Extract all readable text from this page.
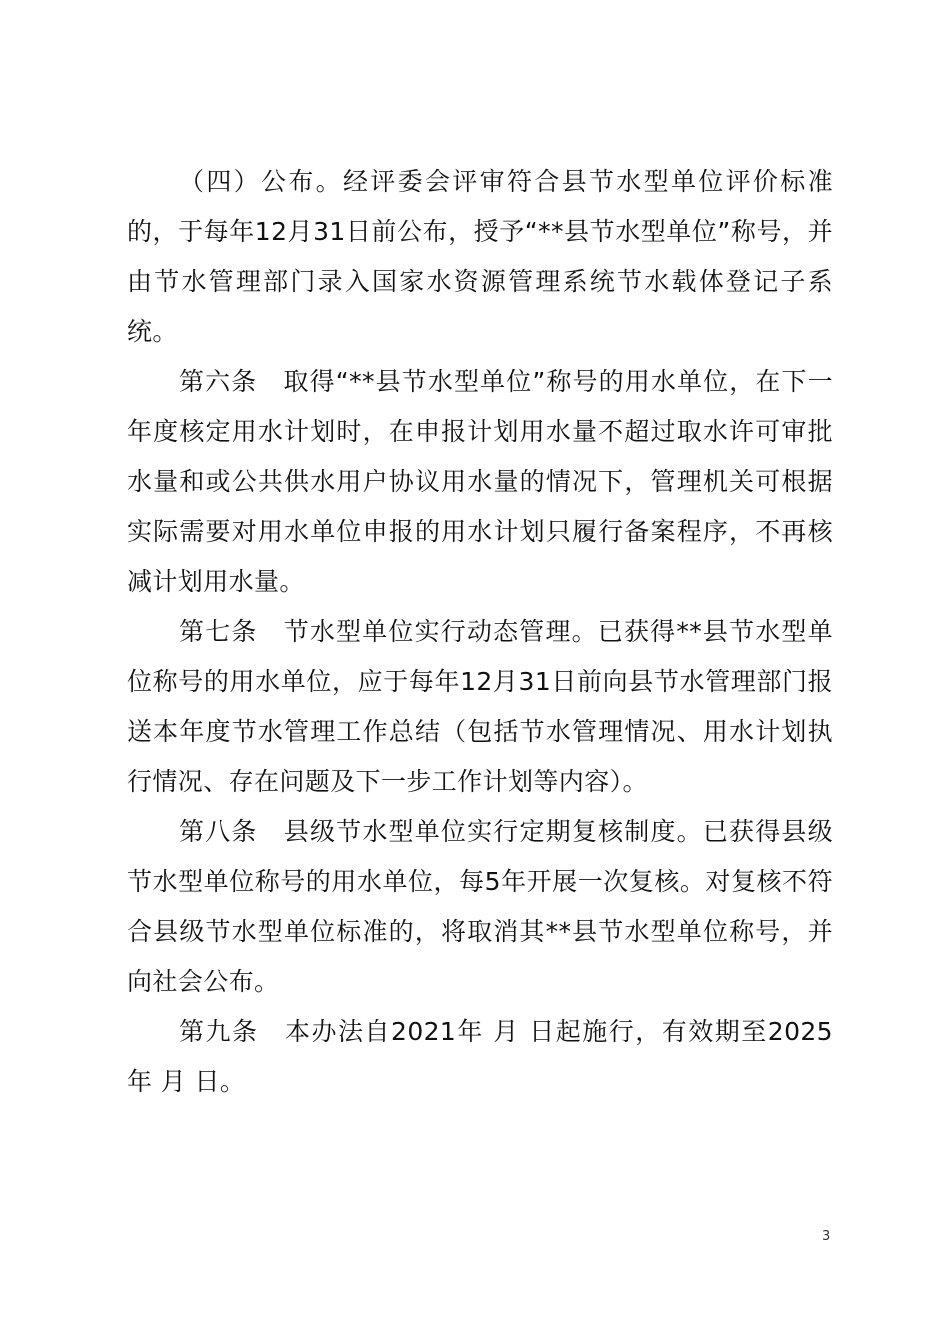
（四）公布。经评委会评审符合县节水型单位评价标准的，于每年12月31日前公布，授予“**县节水型单位”称号，并由节水管理部门录入国家水资源管理系统节水载体登记子系统。

第六条　取得“**县节水型单位”称号的用水单位，在下一年度核定用水计划时，在申报计划用水量不超过取水许可审批水量和或公共供水用户协议用水量的情况下，管理机关可根据实际需要对用水单位申报的用水计划只履行备案程序，不再核减计划用水量。

第七条　节水型单位实行动态管理。已获得**县节水型单位称号的用水单位，应于每年12月31日前向县节水管理部门报送本年度节水管理工作总结（包括节水管理情况、用水计划执行情况、存在问题及下一步工作计划等内容）。

第八条　县级节水型单位实行定期复核制度。已获得县级节水型单位称号的用水单位，每5年开展一次复核。对复核不符合县级节水型单位标准的，将取消其**县节水型单位称号，并向社会公布。

第九条　本办法自2021年 月 日起施行，有效期至2025年 月 日。

3
